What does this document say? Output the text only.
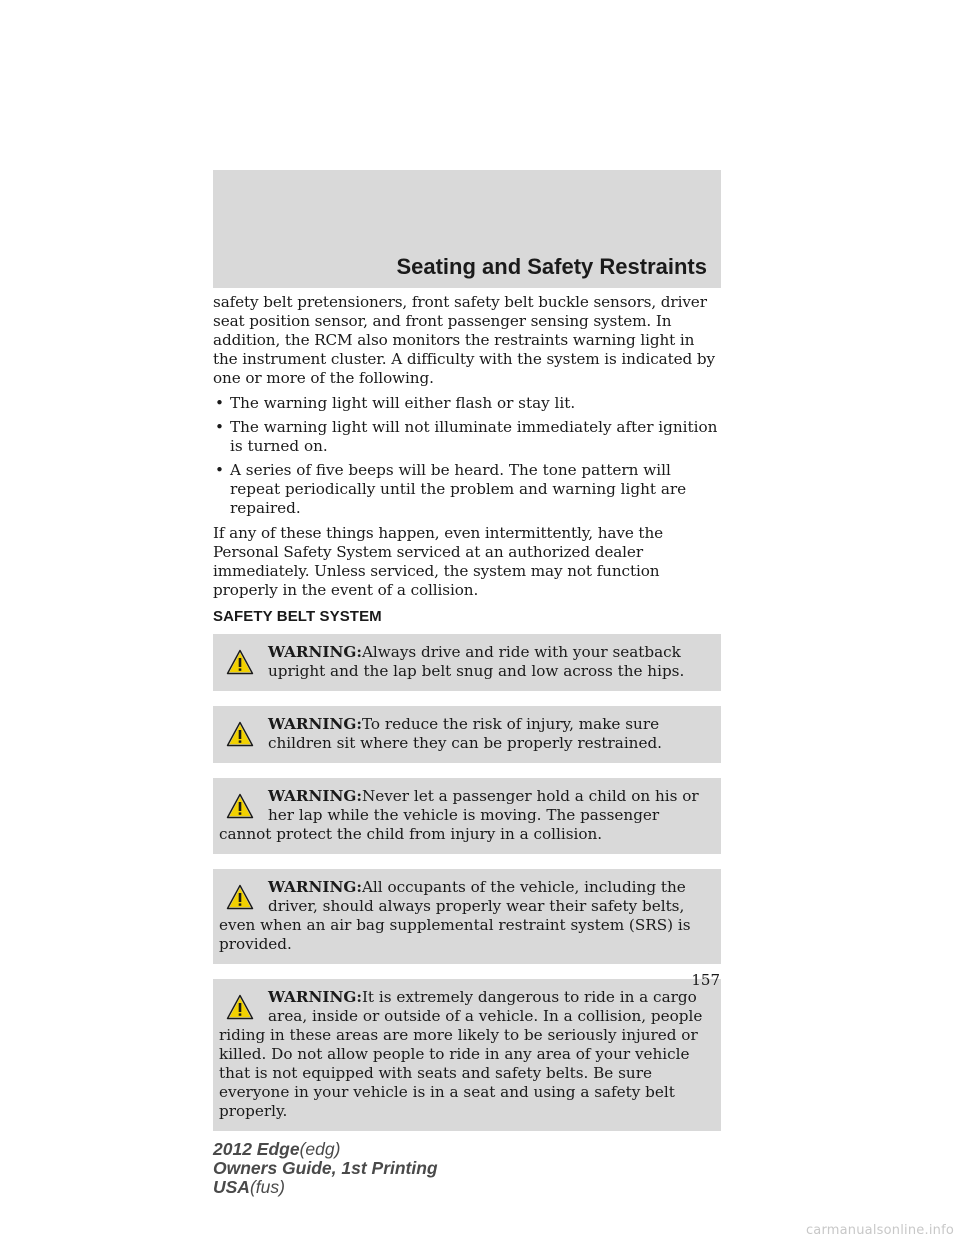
Seating and Safety Restraints

safety belt pretensioners, front safety belt buckle sensors, driver seat position sensor, and front passenger sensing system. In addition, the RCM also monitors the restraints warning light in the instrument cluster. A difficulty with the system is indicated by one or more of the following.

• The warning light will either flash or stay lit.
• The warning light will not illuminate immediately after ignition is turned on.
• A series of five beeps will be heard. The tone pattern will repeat periodically until the problem and warning light are repaired.

If any of these things happen, even intermittently, have the Personal Safety System serviced at an authorized dealer immediately. Unless serviced, the system may not function properly in the event of a collision.

SAFETY BELT SYSTEM
WARNING:Always drive and ride with your seatback upright and the lap belt snug and low across the hips.
WARNING:To reduce the risk of injury, make sure children sit where they can be properly restrained.
WARNING:Never let a passenger hold a child on his or her lap while the vehicle is moving. The passenger cannot protect the child from injury in a collision.
WARNING:All occupants of the vehicle, including the driver, should always properly wear their safety belts, even when an air bag supplemental restraint system (SRS) is provided.
WARNING:It is extremely dangerous to ride in a cargo area, inside or outside of a vehicle. In a collision, people riding in these areas are more likely to be seriously injured or killed. Do not allow people to ride in any area of your vehicle that is not equipped with seats and safety belts. Be sure everyone in your vehicle is in a seat and using a safety belt properly.
157
2012 Edge(edg)
Owners Guide, 1st Printing
USA(fus)
carmanualsonline.info
